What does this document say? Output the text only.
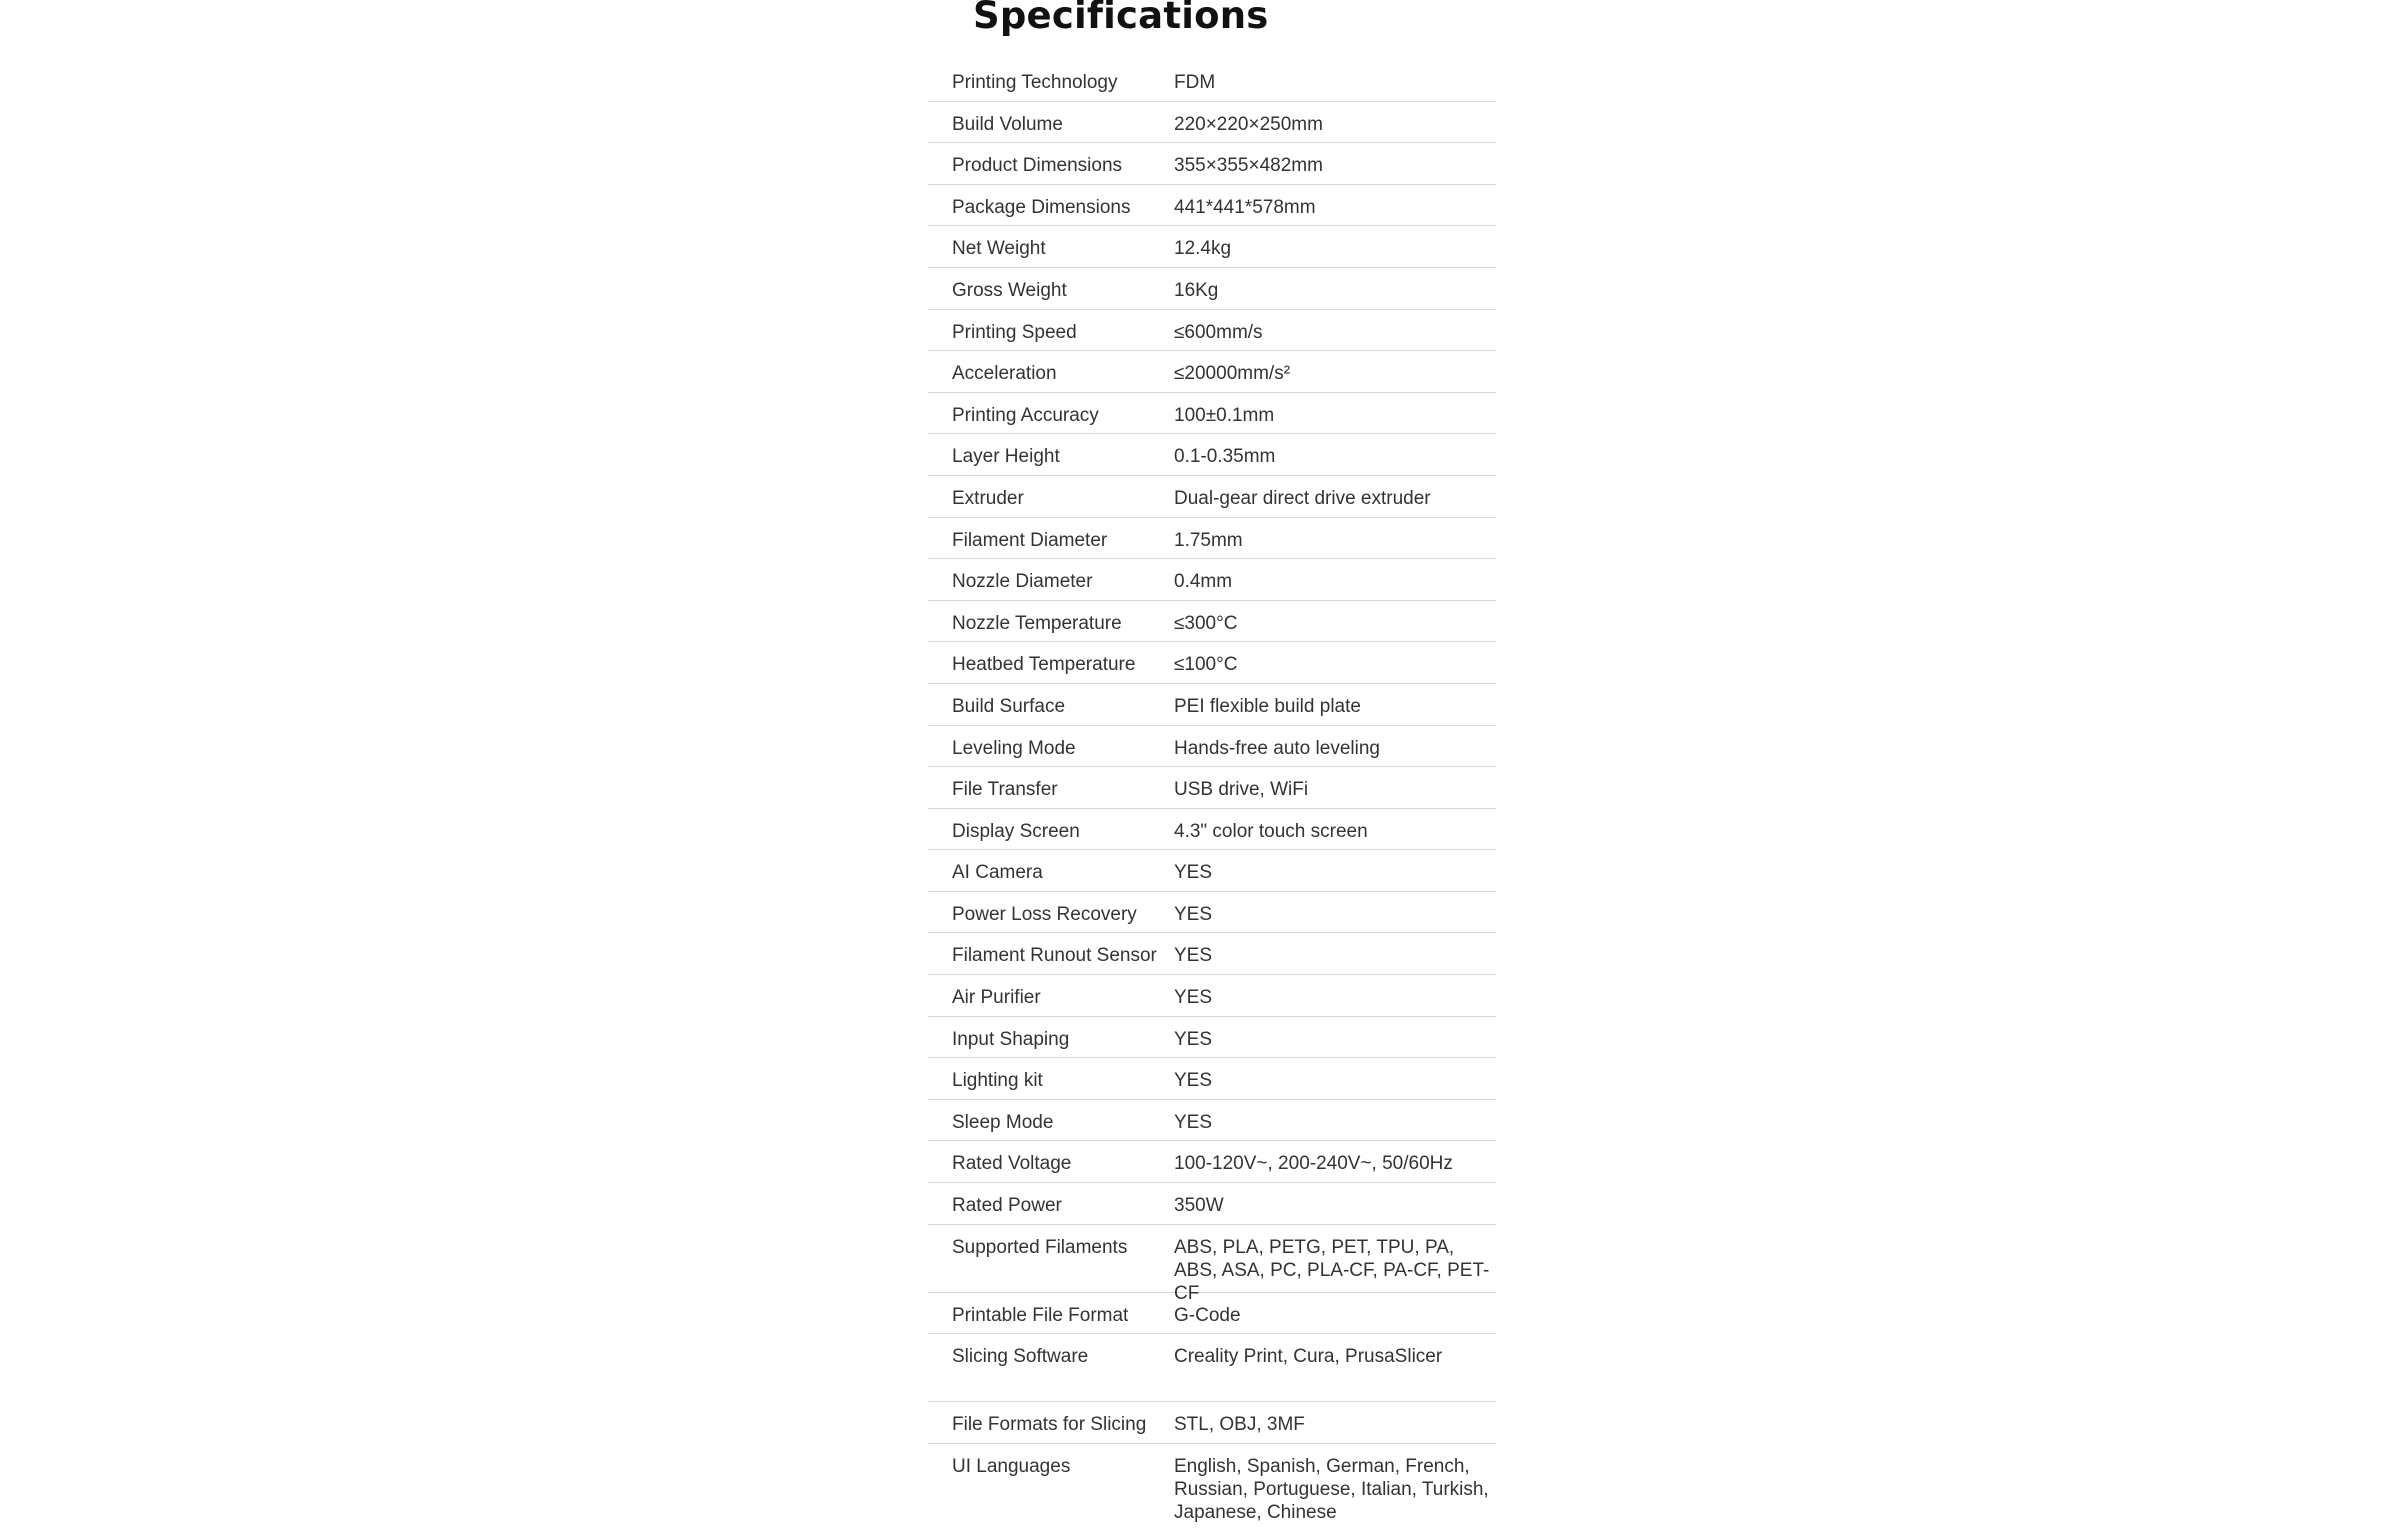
Specifications
Printing Technology	FDM
Build Volume	220×220×250mm
Product Dimensions	355×355×482mm
Package Dimensions	441*441*578mm
Net Weight	12.4kg
Gross Weight	16Kg
Printing Speed	≤600mm/s
Acceleration	≤20000mm/s²
Printing Accuracy	100±0.1mm
Layer Height	0.1-0.35mm
Extruder	Dual-gear direct drive extruder
Filament Diameter	1.75mm
Nozzle Diameter	0.4mm
Nozzle Temperature	≤300°C
Heatbed Temperature	≤100°C
Build Surface	PEI flexible build plate
Leveling Mode	Hands-free auto leveling
File Transfer	USB drive, WiFi
Display Screen	4.3" color touch screen
AI Camera	YES
Power Loss Recovery	YES
Filament Runout Sensor YES
Air Purifier	YES
Input Shaping	YES
Lighting kit	YES
Sleep Mode	YES
Rated Voltage	100-120V~, 200-240V~, 50/60Hz
Rated Power	350W
Supported Filaments	ABS, PLA, PETG, PET, TPU, PA, ABS, ASA, PC, PLA-CF, PA-CF, PET-CF
Printable File Format	G-Code
Slicing Software	Creality Print, Cura, PrusaSlicer
File Formats for Slicing	STL, OBJ, 3MF
UI Languages	English, Spanish, German, French, Russian, Portuguese, Italian, Turkish, Japanese, Chinese
